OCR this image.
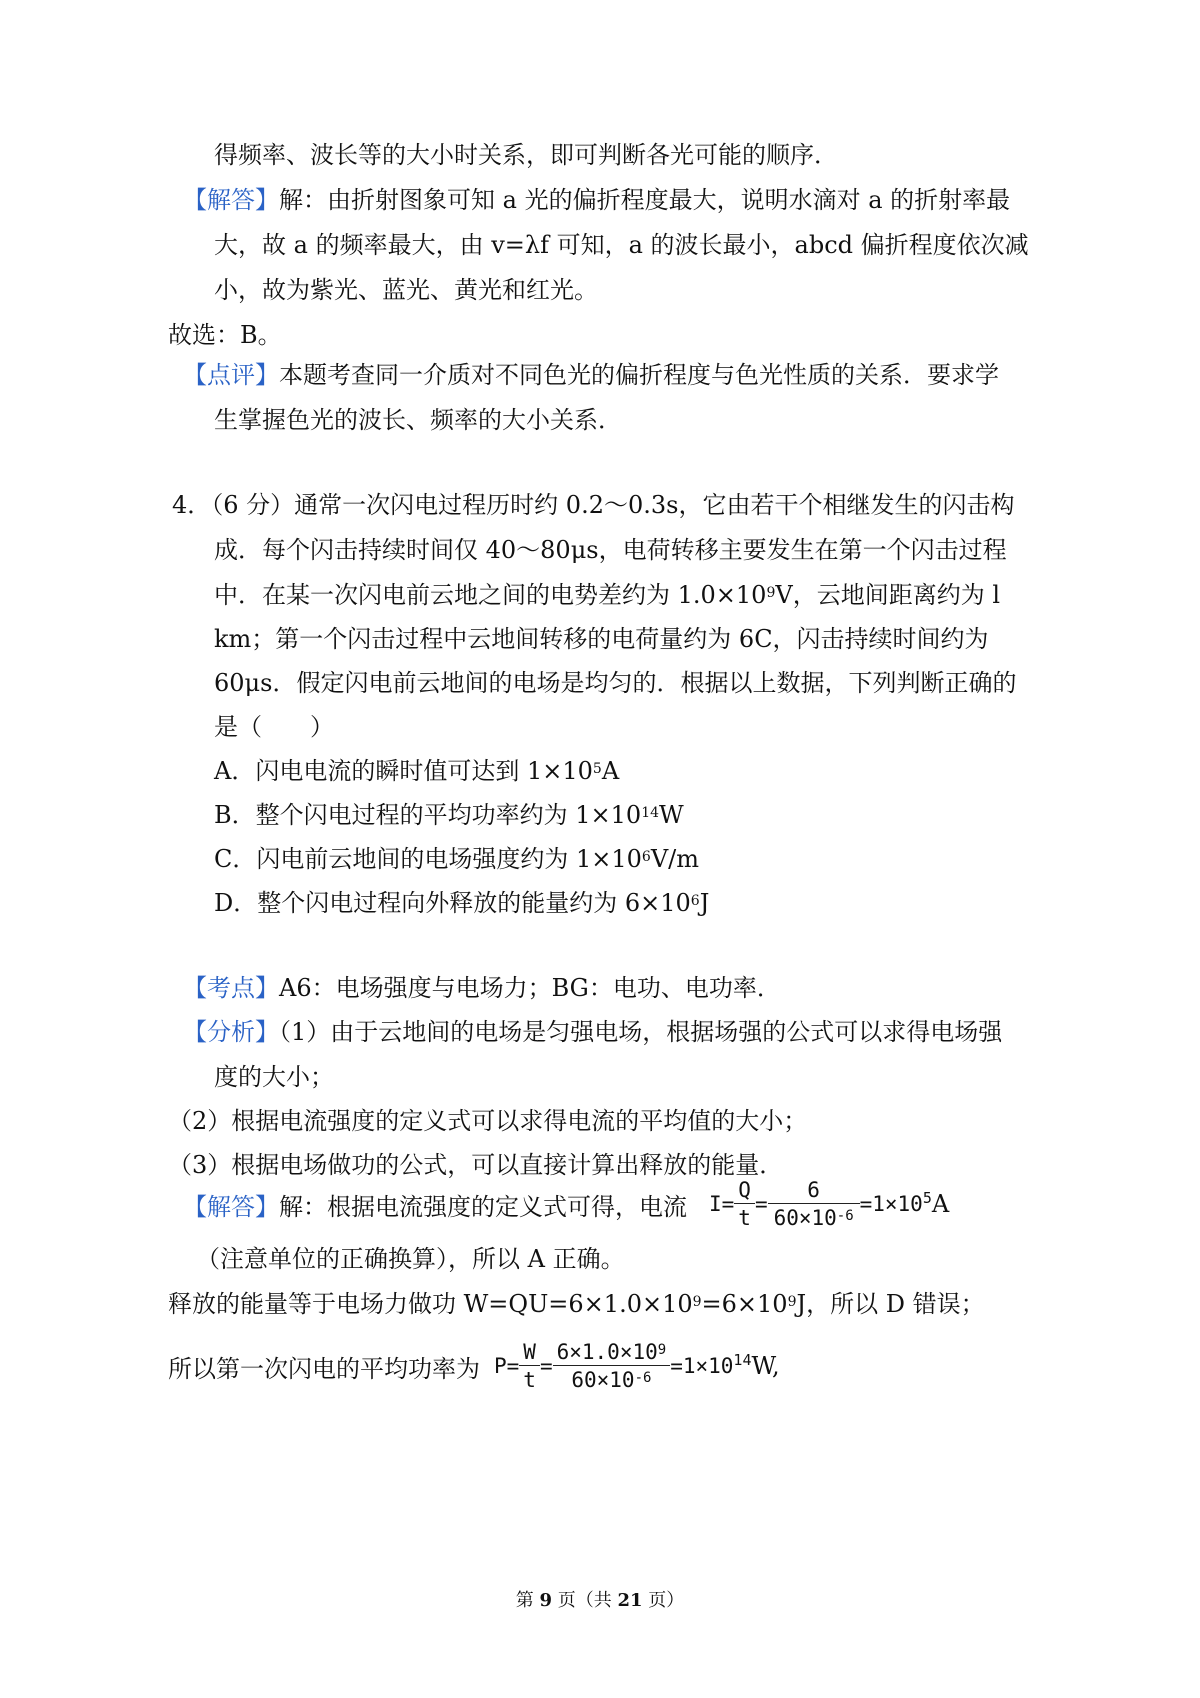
得频率、波长等的大小时关系，即可判断各光可能的顺序．
【解答】解：由折射图象可知 a 光的偏折程度最大，说明水滴对 a 的折射率最
大，故 a 的频率最大，由 v=λf 可知，a 的波长最小，abcd 偏折程度依次减
小，故为紫光、蓝光、黄光和红光。
故选：B。
【点评】本题考查同一介质对不同色光的偏折程度与色光性质的关系．要求学
生掌握色光的波长、频率的大小关系．
4．（6 分）通常一次闪电过程历时约 0.2～0.3s，它由若干个相继发生的闪击构
成．每个闪击持续时间仅 40～80μs，电荷转移主要发生在第一个闪击过程
中．在某一次闪电前云地之间的电势差约为 $1.0\times 10^9V$，云地间距离约为 l
km；第一个闪击过程中云地间转移的电荷量约为 6C，闪击持续时间约为
60μs．假定闪电前云地间的电场是均匀的．根据以上数据，下列判断正确的
是（　　）
A．闪电电流的瞬时值可达到 $1\times 10^5A$
B．整个闪电过程的平均功率约为 $1\times 10^{14}W$
C．闪电前云地间的电场强度约为 $1\times 10^6V/m$
D．整个闪电过程向外释放的能量约为 $6\times 10^6J$
【考点】A6：电场强度与电场力；BG：电功、电功率．
【分析】（1）由于云地间的电场是匀强电场，根据场强的公式可以求得电场强
度的大小；
（2）根据电流强度的定义式可以求得电流的平均值的大小；
（3）根据电场做功的公式，可以直接计算出释放的能量．
【解答】 解：根据电流强度的定义式可得，电流 $I= \frac{Q}{t} = \frac{6}{60\times 10^{-6}} =1\times 10^5$ A
（注意单位的正确换算），所以 A 正确。
释放的能量等于电场力做功 $W=QU=6\times 1.0\times 10^9=6\times 10^9J$，所以 D 错误；
所以第一次闪电的平均功率为 $P= \frac{W}{t} = \frac{6\times 1.0\times 10^9}{60\times 10^{-6}} =1\times 10^{14}$ W,
第 9 页（共 21 页）
